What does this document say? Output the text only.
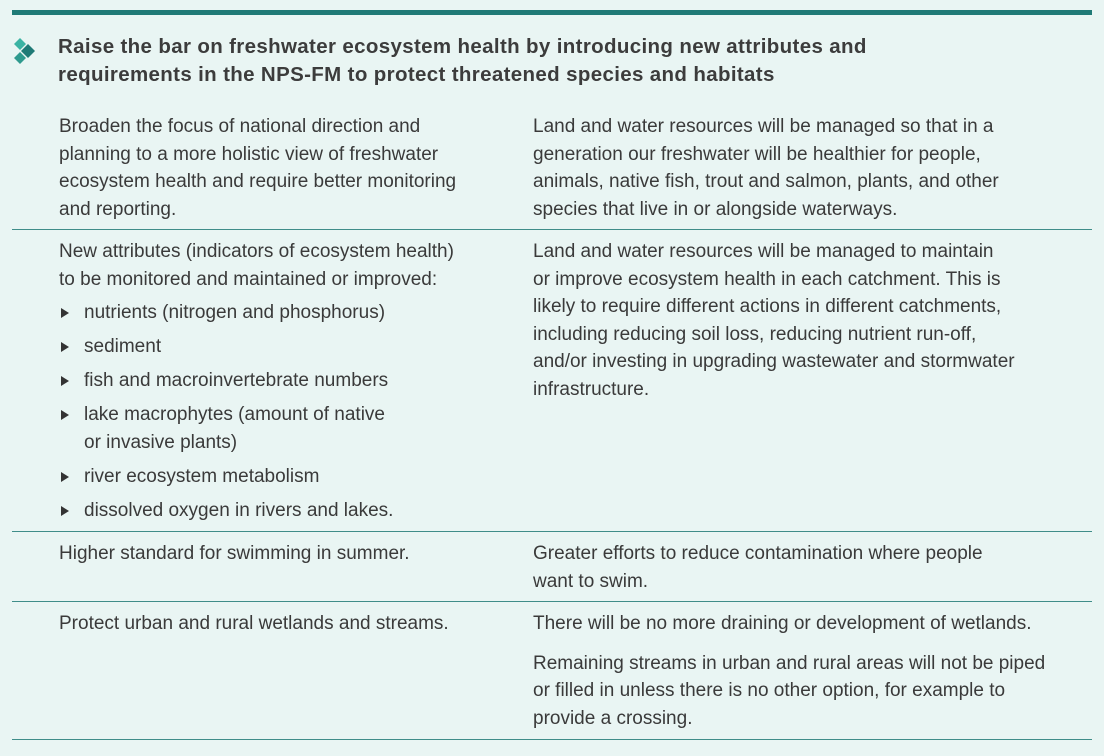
Raise the bar on freshwater ecosystem health by introducing new attributes and
requirements in the NPS-FM to protect threatened species and habitats
Broaden the focus of national direction and
planning to a more holistic view of freshwater
ecosystem health and require better monitoring
and reporting.
Land and water resources will be managed so that in a
generation our freshwater will be healthier for people,
animals, native fish, trout and salmon, plants, and other
species that live in or alongside waterways.
New attributes (indicators of ecosystem health)
to be monitored and maintained or improved:
nutrients (nitrogen and phosphorus)
sediment
fish and macroinvertebrate numbers
lake macrophytes (amount of native
or invasive plants)
river ecosystem metabolism
dissolved oxygen in rivers and lakes.
Land and water resources will be managed to maintain
or improve ecosystem health in each catchment. This is
likely to require different actions in different catchments,
including reducing soil loss, reducing nutrient run-off,
and/or investing in upgrading wastewater and stormwater
infrastructure.
Higher standard for swimming in summer.	Greater efforts to reduce contamination where people
want to swim.
Protect urban and rural wetlands and streams.	There will be no more draining or development of wetlands.
Remaining streams in urban and rural areas will not be piped
or filled in unless there is no other option, for example to
provide a crossing.
